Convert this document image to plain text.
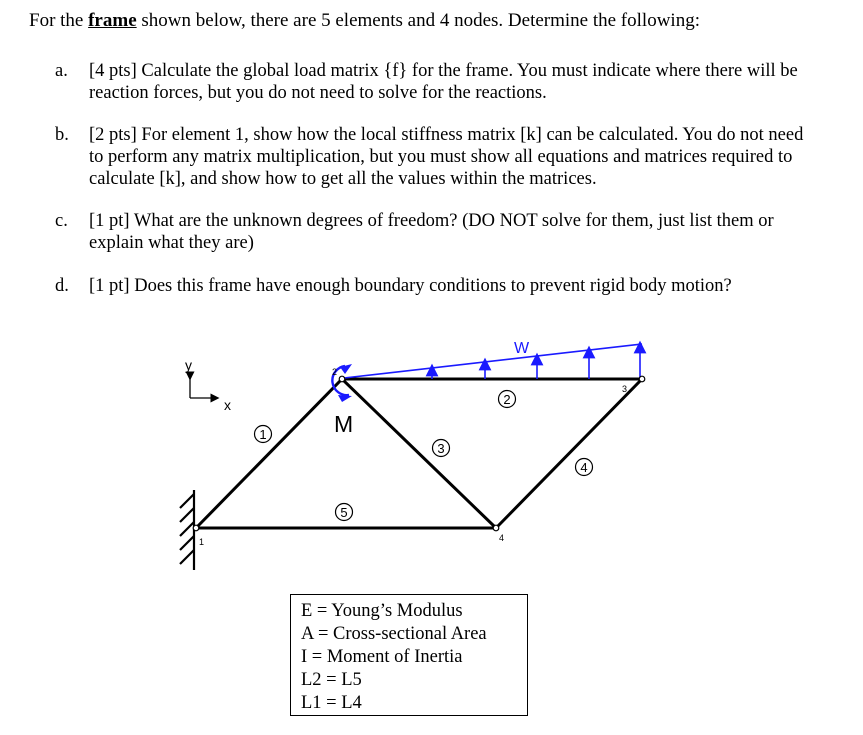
For the frame shown below, there are 5 elements and 4 nodes. Determine the following:
a. [4 pts] Calculate the global load matrix {f} for the frame. You must indicate where there will be reaction forces, but you do not need to solve for the reactions.
b. [2 pts] For element 1, show how the local stiffness matrix [k] can be calculated. You do not need to perform any matrix multiplication, but you must show all equations and matrices required to calculate [k], and show how to get all the values within the matrices.
c. [1 pt] What are the unknown degrees of freedom? (DO NOT solve for them, just list them or explain what they are)
d. [1 pt] Does this frame have enough boundary conditions to prevent rigid body motion?
y
x
W
M
1
2
3
4
1
2
3
4
5
E = Young’s Modulus
A = Cross-sectional Area
I = Moment of Inertia
L2 = L5
L1 = L4
